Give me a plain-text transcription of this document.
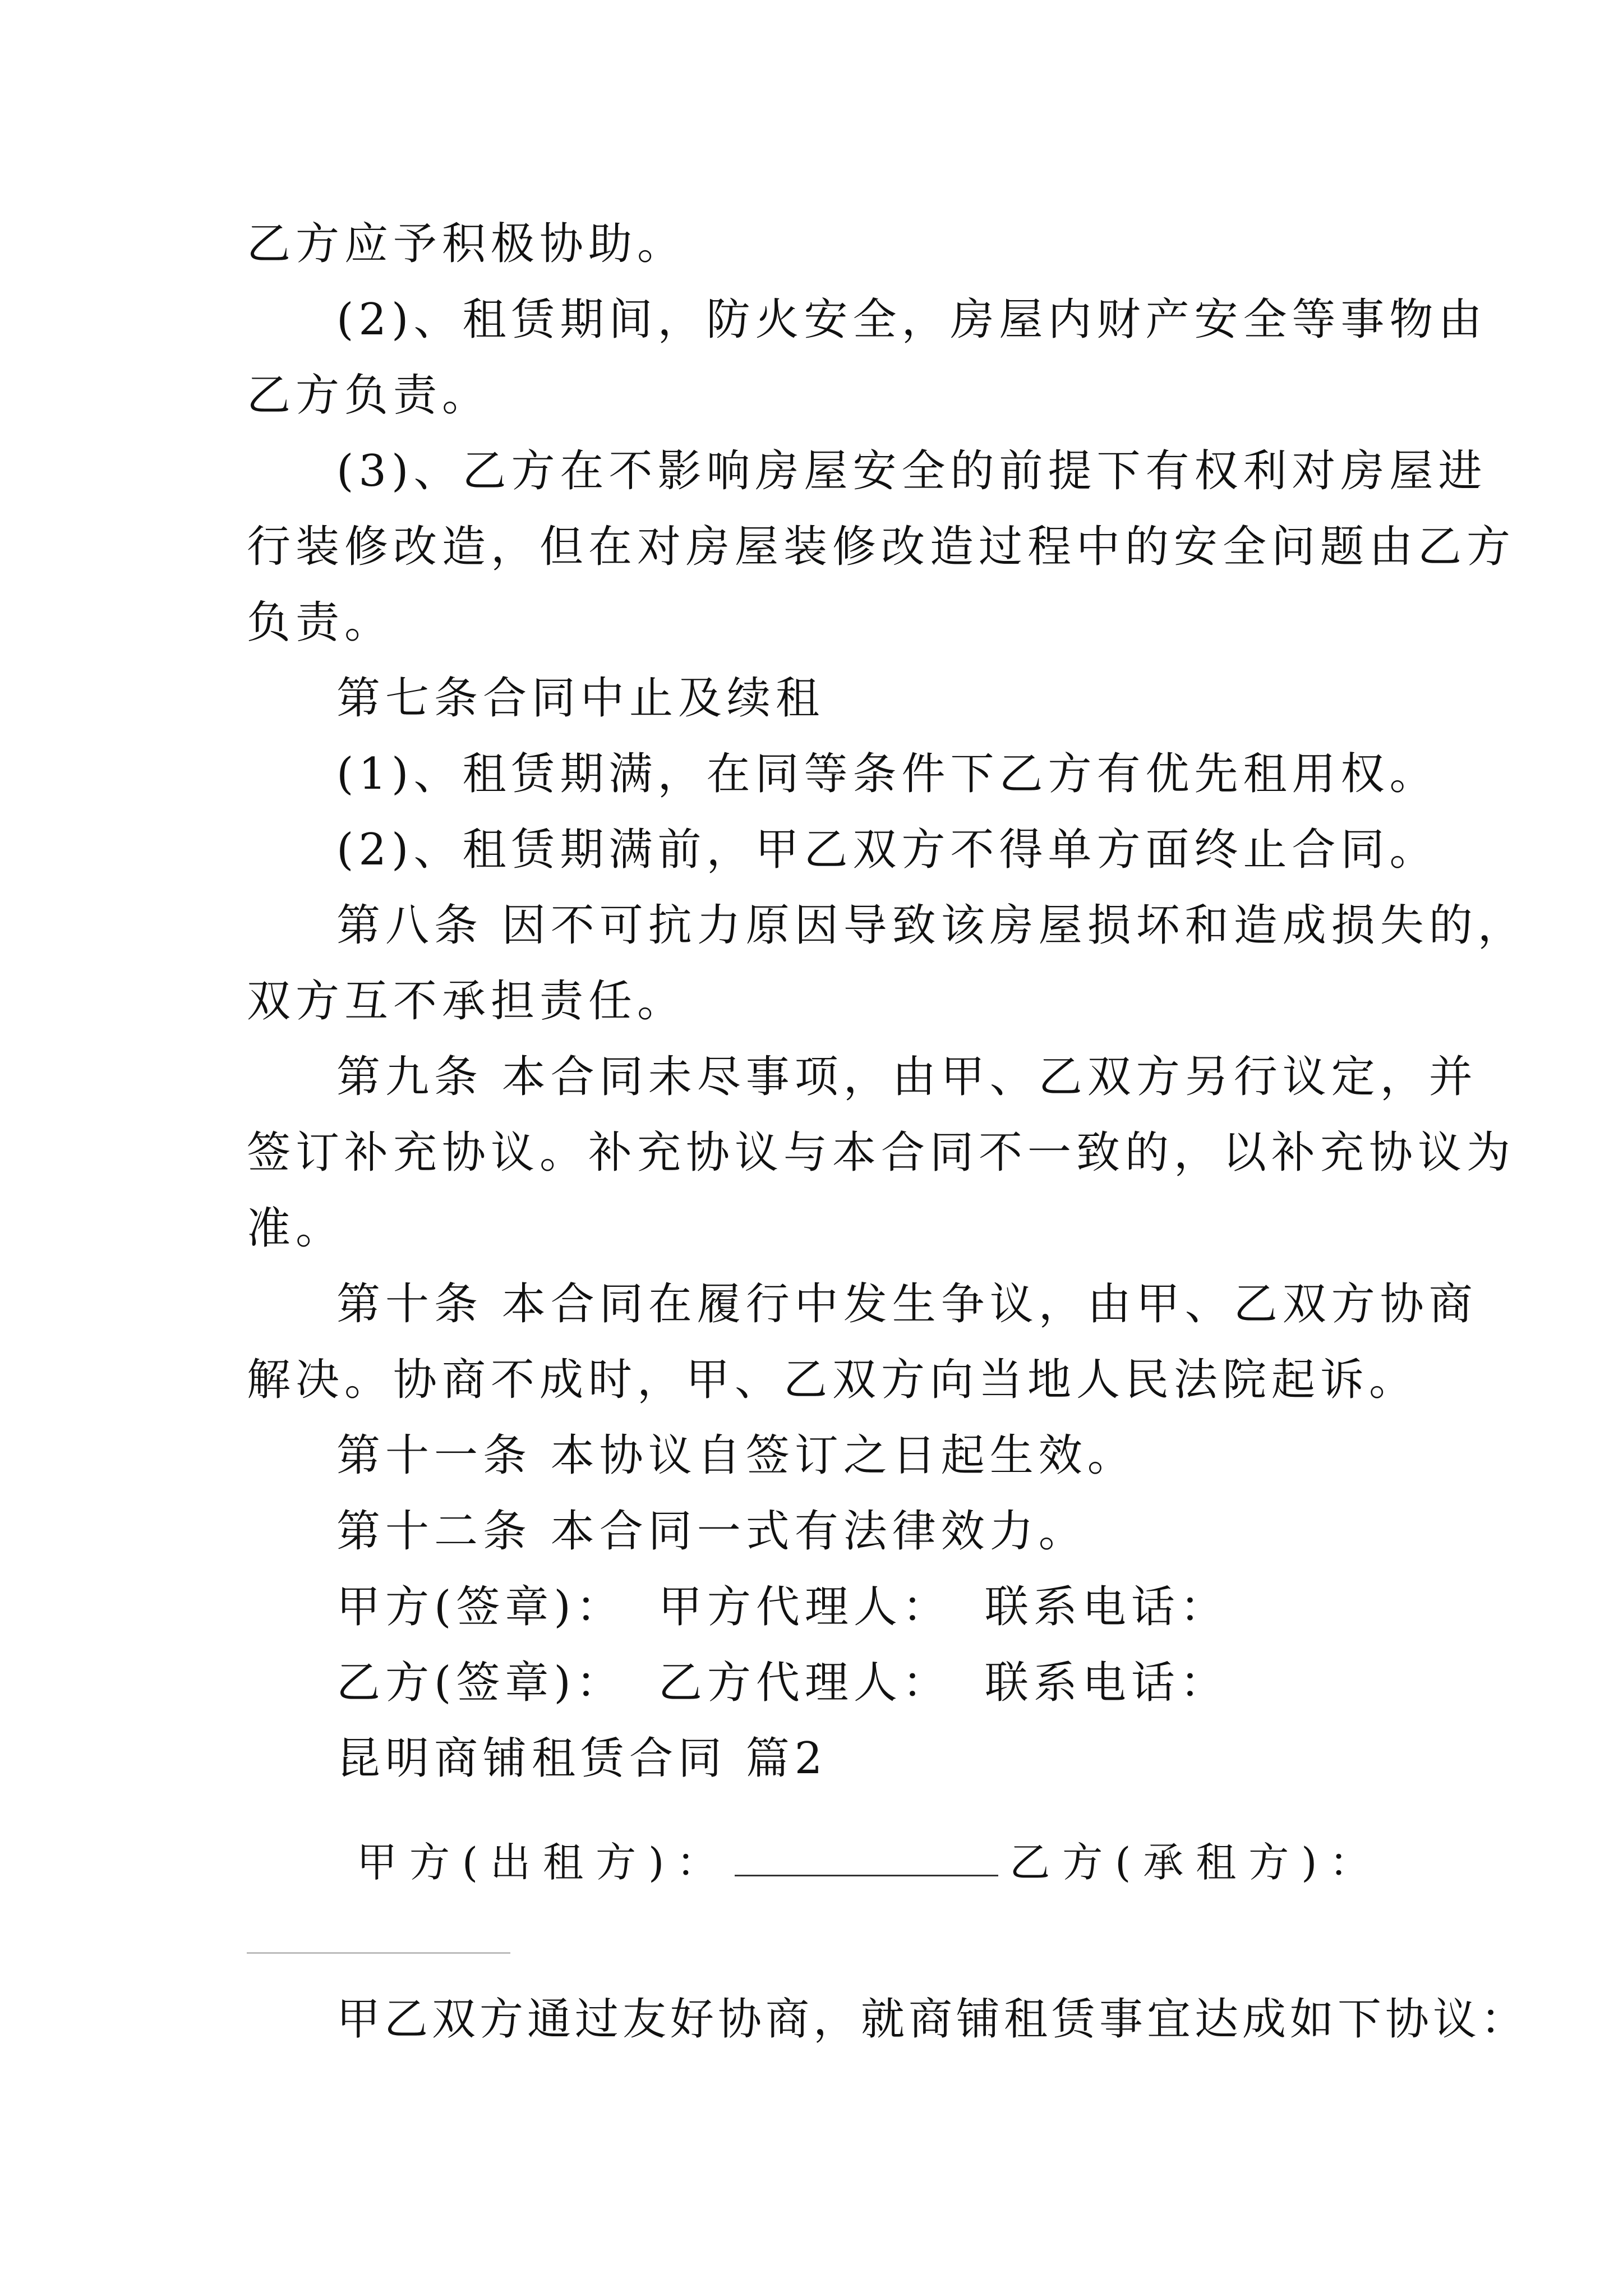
乙方应予积极协助。
(2)、租赁期间，防火安全，房屋内财产安全等事物由
乙方负责。
(3)、乙方在不影响房屋安全的前提下有权利对房屋进
行装修改造，但在对房屋装修改造过程中的安全问题由乙方
负责。
第七条合同中止及续租
(1)、租赁期满，在同等条件下乙方有优先租用权。
(2)、租赁期满前，甲乙双方不得单方面终止合同。
第八条 因不可抗力原因导致该房屋损坏和造成损失的，
双方互不承担责任。
第九条 本合同未尽事项，由甲、乙双方另行议定，并
签订补充协议。补充协议与本合同不一致的，以补充协议为
准。
第十条 本合同在履行中发生争议，由甲、乙双方协商
解决。协商不成时，甲、乙双方向当地人民法院起诉。
第十一条 本协议自签订之日起生效。
第十二条 本合同一式有法律效力。
甲方(签章)： 甲方代理人： 联系电话：
乙方(签章)： 乙方代理人： 联系电话：
昆明商铺租赁合同 篇2
甲方(出租方)：	乙方(承租方)：
甲乙双方通过友好协商，就商铺租赁事宜达成如下协议：
